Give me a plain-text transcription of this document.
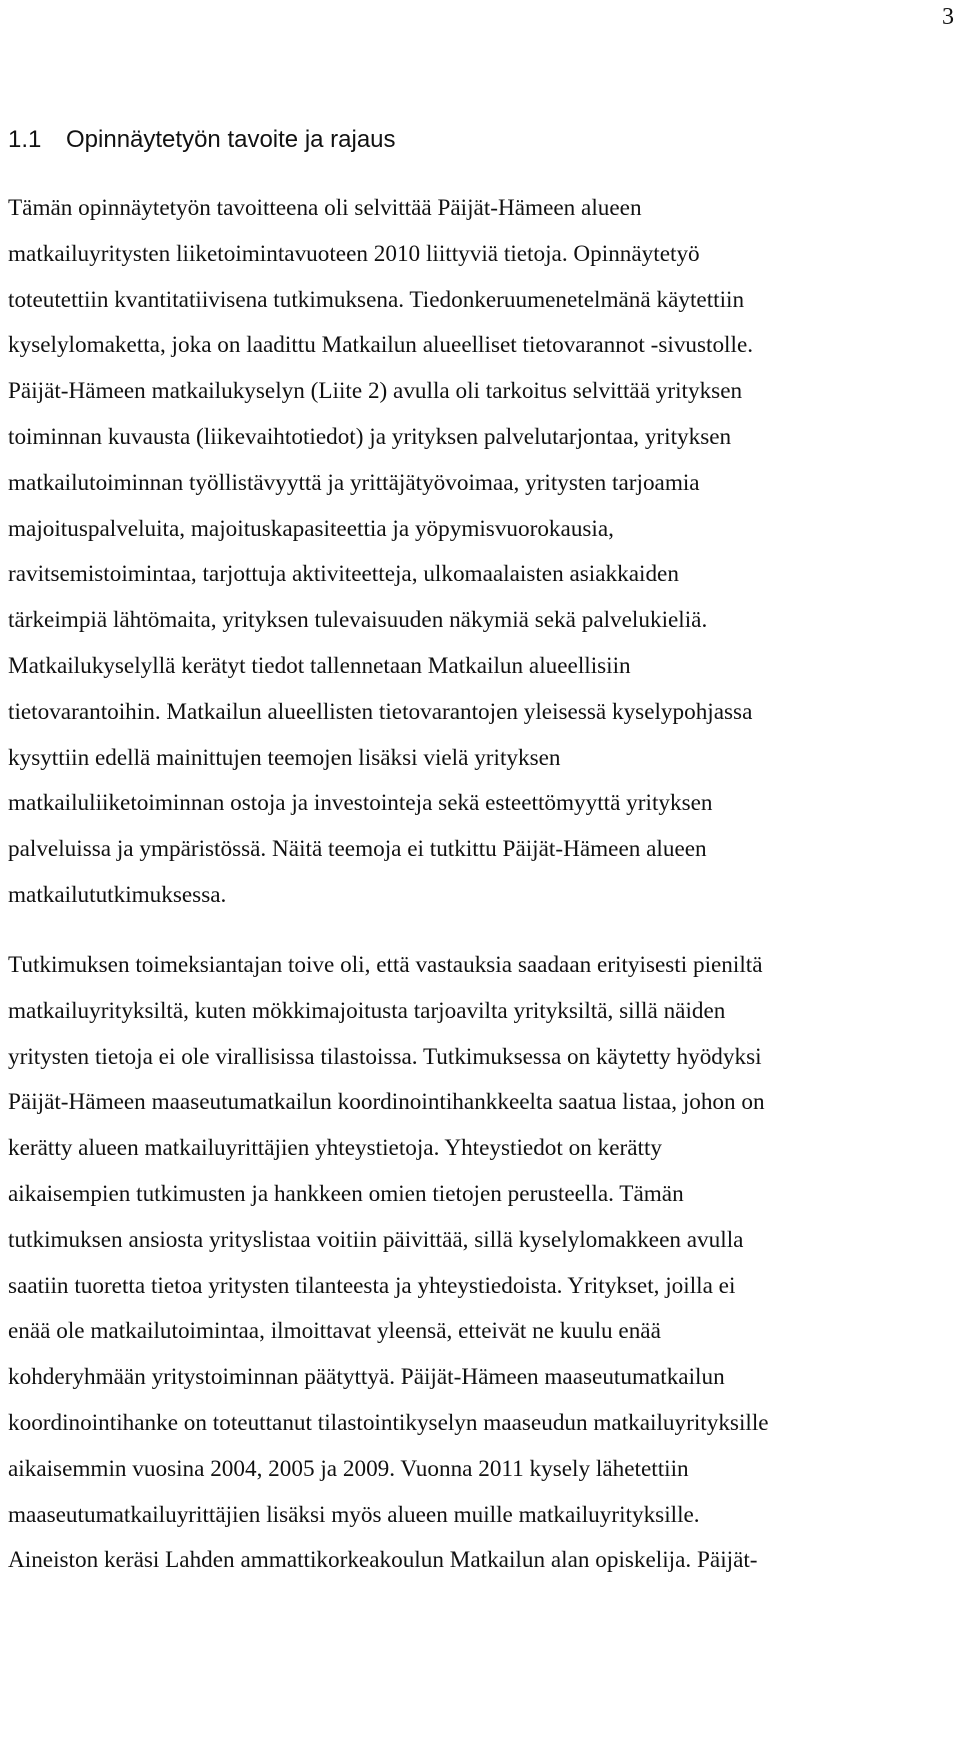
3
1.1 Opinnäytetyön tavoite ja rajaus

Tämän opinnäytetyön tavoitteena oli selvittää Päijät-Hämeen alueen
matkailuyritysten liiketoimintavuoteen 2010 liittyviä tietoja. Opinnäytetyö
toteutettiin kvantitatiivisena tutkimuksena. Tiedonkeruumenetelmänä käytettiin
kyselylomaketta, joka on laadittu Matkailun alueelliset tietovarannot -sivustolle.
Päijät-Hämeen matkailukyselyn (Liite 2) avulla oli tarkoitus selvittää yrityksen
toiminnan kuvausta (liikevaihtotiedot) ja yrityksen palvelutarjontaa, yrityksen
matkailutoiminnan työllistävyyttä ja yrittäjätyövoimaa, yritysten tarjoamia
majoituspalveluita, majoituskapasiteettia ja yöpymisvuorokausia,
ravitsemistoimintaa, tarjottuja aktiviteetteja, ulkomaalaisten asiakkaiden
tärkeimpiä lähtömaita, yrityksen tulevaisuuden näkymiä sekä palvelukieliä.
Matkailukyselyllä kerätyt tiedot tallennetaan Matkailun alueellisiin
tietovarantoihin. Matkailun alueellisten tietovarantojen yleisessä kyselypohjassa
kysyttiin edellä mainittujen teemojen lisäksi vielä yrityksen
matkailuliiketoiminnan ostoja ja investointeja sekä esteettömyyttä yrityksen
palveluissa ja ympäristössä. Näitä teemoja ei tutkittu Päijät-Hämeen alueen
matkailututkimuksessa.

Tutkimuksen toimeksiantajan toive oli, että vastauksia saadaan erityisesti pieniltä
matkailuyrityksiltä, kuten mökkimajoitusta tarjoavilta yrityksiltä, sillä näiden
yritysten tietoja ei ole virallisissa tilastoissa. Tutkimuksessa on käytetty hyödyksi
Päijät-Hämeen maaseutumatkailun koordinointihankkeelta saatua listaa, johon on
kerätty alueen matkailuyrittäjien yhteystietoja. Yhteystiedot on kerätty
aikaisempien tutkimusten ja hankkeen omien tietojen perusteella. Tämän
tutkimuksen ansiosta yrityslistaa voitiin päivittää, sillä kyselylomakkeen avulla
saatiin tuoretta tietoa yritysten tilanteesta ja yhteystiedoista. Yritykset, joilla ei
enää ole matkailutoimintaa, ilmoittavat yleensä, etteivät ne kuulu enää
kohderyhmään yritystoiminnan päätyttyä. Päijät-Hämeen maaseutumatkailun
koordinointihanke on toteuttanut tilastointikyselyn maaseudun matkailuyrityksille
aikaisemmin vuosina 2004, 2005 ja 2009. Vuonna 2011 kysely lähetettiin
maaseutumatkailuyrittäjien lisäksi myös alueen muille matkailuyrityksille.
Aineiston keräsi Lahden ammattikorkeakoulun Matkailun alan opiskelija. Päijät-
